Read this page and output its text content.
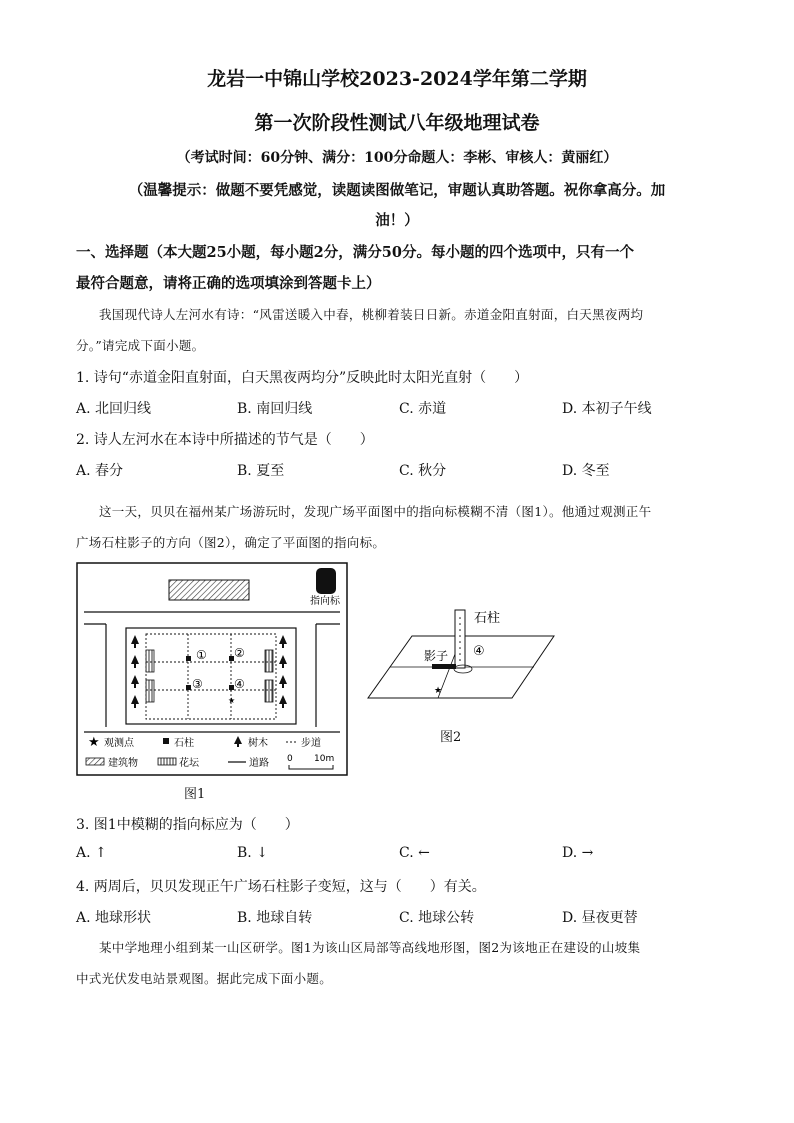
龙岩一中锦山学校2023-2024学年第二学期
第一次阶段性测试八年级地理试卷
（考试时间：60分钟、满分：100分命题人：李彬、审核人：黄丽红）
（温馨提示：做题不要凭感觉，读题读图做笔记，审题认真助答题。祝你拿高分。加
油！）
一、选择题（本大题25小题，每小题2分，满分50分。每小题的四个选项中，只有一个
最符合题意，请将正确的选项填涂到答题卡上）
我国现代诗人左河水有诗：“风雷送暖入中春，桃柳着装日日新。赤道金阳直射面，白天黑夜两均
分。”请完成下面小题。
1. 诗句“赤道金阳直射面，白天黑夜两均分”反映此时太阳光直射（　　）
A. 北回归线	B. 南回归线	C. 赤道	D. 本初子午线
2. 诗人左河水在本诗中所描述的节气是（　　）
A. 春分	B. 夏至	C. 秋分	D. 冬至
这一天，贝贝在福州某广场游玩时，发现广场平面图中的指向标模糊不清（图1）。他通过观测正午
广场石柱影子的方向（图2），确定了平面图的指向标。
指向标
① ②
③	④
★
★ 观测点	石柱	树木	步道
建筑物	花坛	道路 0 10m
图1
石柱
影子 ④
★
图2
3. 图1中模糊的指向标应为（　　）
A. ↑	B. ↓	C. ←	D. →
4. 两周后，贝贝发现正午广场石柱影子变短，这与（　　）有关。
A. 地球形状	B. 地球自转	C. 地球公转	D. 昼夜更替
某中学地理小组到某一山区研学。图1为该山区局部等高线地形图，图2为该地正在建设的山坡集
中式光伏发电站景观图。据此完成下面小题。
